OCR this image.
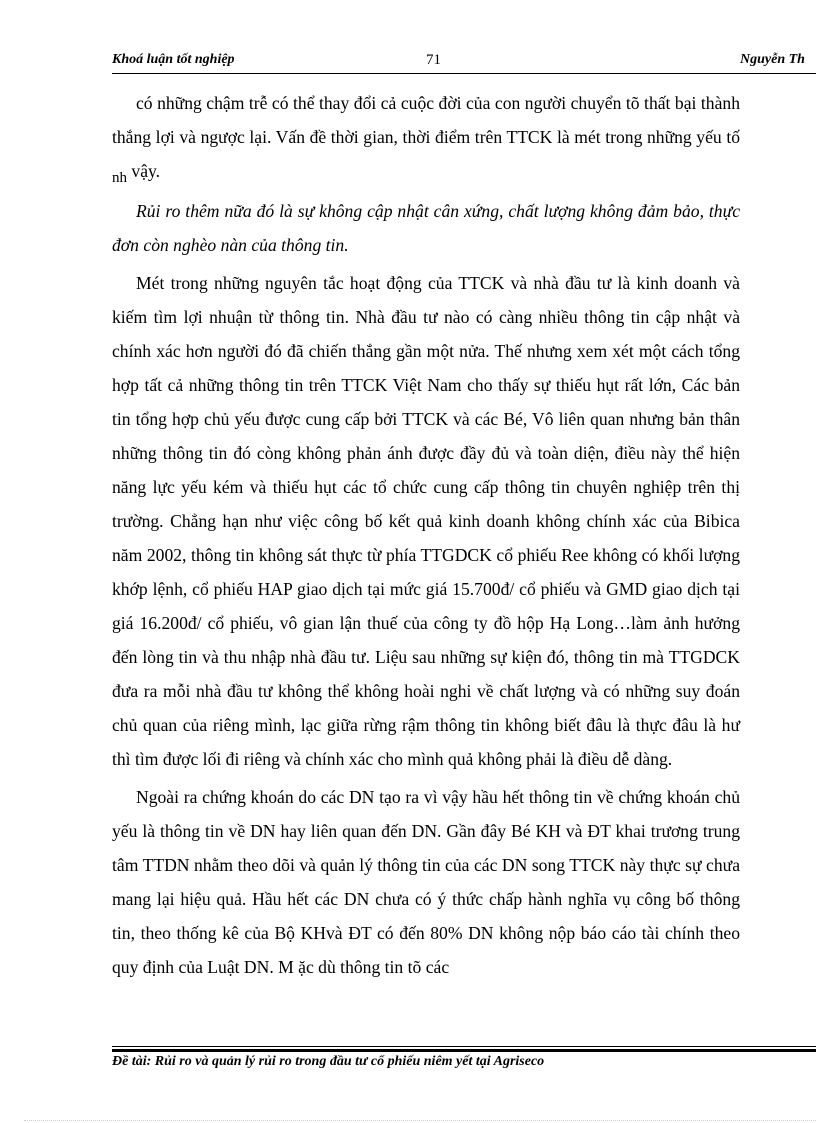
Khoá luận tốt nghiệp	71	Nguyễn Th

có những chậm trễ có thể thay đổi cả cuộc đời của con người chuyển tõ thất bại thành thắng lợi và ngược lại. Vấn đề thời gian, thời điểm trên TTCK là mét trong những yếu tố nh vậy.

Rủi ro thêm nữa đó là sự không cập nhật cân xứng, chất lượng không đảm bảo, thực đơn còn nghèo nàn của thông tin.

Mét trong những nguyên tắc hoạt động của TTCK và nhà đầu tư là kinh doanh và kiếm tìm lợi nhuận từ thông tin. Nhà đầu tư nào có càng nhiều thông tin cập nhật và chính xác hơn người đó đã chiến thắng gần một nửa. Thế nhưng xem xét một cách tổng hợp tất cả những thông tin trên TTCK Việt Nam cho thấy sự thiếu hụt rất lớn, Các bản tin tổng hợp chủ yếu được cung cấp bởi TTCK và các Bé, Vô liên quan nhưng bản thân những thông tin đó còng không phản ánh được đầy đủ và toàn diện, điều này thể hiện năng lực yếu kém và thiếu hụt các tổ chức cung cấp thông tin chuyên nghiệp trên thị trường. Chẳng hạn như việc công bố kết quả kinh doanh không chính xác của Bibica năm 2002, thông tin không sát thực từ phía TTGDCK cổ phiếu Ree không có khối lượng khớp lệnh, cổ phiếu HAP giao dịch tại mức giá 15.700đ/ cổ phiếu và GMD giao dịch tại giá 16.200đ/ cổ phiếu, vô gian lận thuế của công ty đồ hộp Hạ Long…làm ảnh hưởng đến lòng tin và thu nhập nhà đầu tư. Liệu sau những sự kiện đó, thông tin mà TTGDCK đưa ra mỗi nhà đầu tư không thể không hoài nghi về chất lượng và có những suy đoán chủ quan của riêng mình, lạc giữa rừng rậm thông tin không biết đâu là thực đâu là hư thì tìm được lối đi riêng và chính xác cho mình quả không phải là điều dễ dàng.

Ngoài ra chứng khoán do các DN tạo ra vì vậy hầu hết thông tin về chứng khoán chủ yếu là thông tin về DN hay liên quan đến DN. Gần đây Bé KH và ĐT khai trương trung tâm TTDN nhằm theo dõi và quản lý thông tin của các DN song TTCK này thực sự chưa mang lại hiệu quả. Hầu hết các DN chưa có ý thức chấp hành nghĩa vụ công bố thông tin, theo thống kê của Bộ KHvà ĐT có đến 80% DN không nộp báo cáo tài chính theo quy định của Luật DN. M ặc dù thông tin tõ các

Đề tài: Rủi ro và quản lý rủi ro trong đầu tư cổ phiếu niêm yết tại Agriseco
